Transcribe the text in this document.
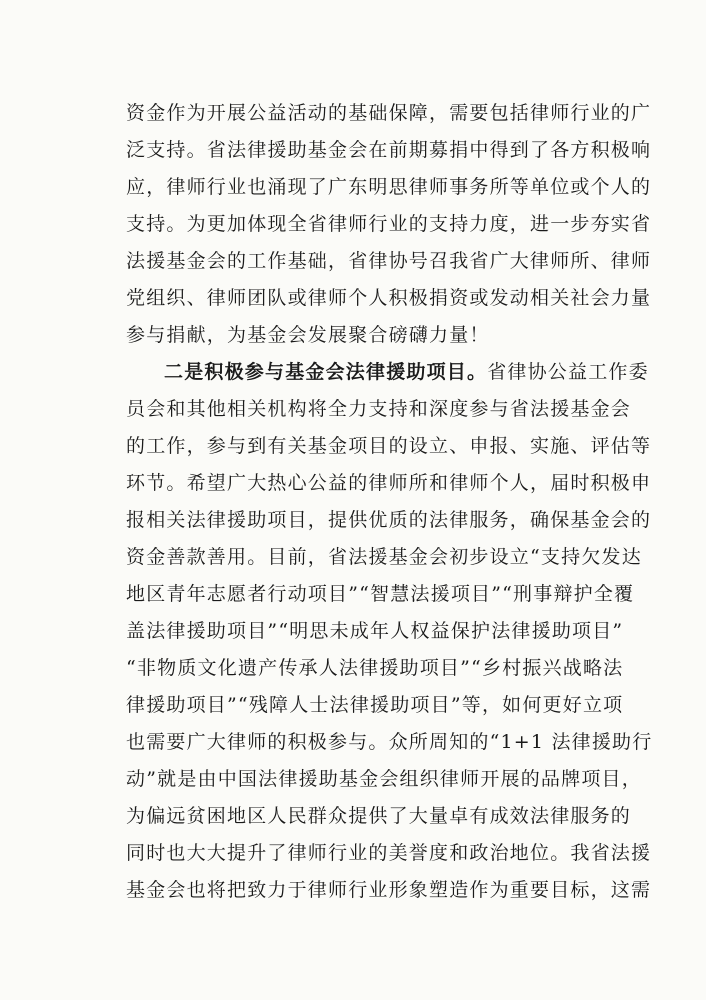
资金作为开展公益活动的基础保障，需要包括律师行业的广
泛支持。省法律援助基金会在前期募捐中得到了各方积极响
应，律师行业也涌现了广东明思律师事务所等单位或个人的
支持。为更加体现全省律师行业的支持力度，进一步夯实省
法援基金会的工作基础，省律协号召我省广大律师所、律师
党组织、律师团队或律师个人积极捐资或发动相关社会力量
参与捐献，为基金会发展聚合磅礴力量！
二是积极参与基金会法律援助项目。省律协公益工作委
员会和其他相关机构将全力支持和深度参与省法援基金会
的工作，参与到有关基金项目的设立、申报、实施、评估等
环节。希望广大热心公益的律师所和律师个人，届时积极申
报相关法律援助项目，提供优质的法律服务，确保基金会的
资金善款善用。目前，省法援基金会初步设立“支持欠发达
地区青年志愿者行动项目”“智慧法援项目”“刑事辩护全覆
盖法律援助项目”“明思未成年人权益保护法律援助项目”
“非物质文化遗产传承人法律援助项目”“乡村振兴战略法
律援助项目”“残障人士法律援助项目”等，如何更好立项
也需要广大律师的积极参与。众所周知的“1+1 法律援助行
动”就是由中国法律援助基金会组织律师开展的品牌项目，
为偏远贫困地区人民群众提供了大量卓有成效法律服务的
同时也大大提升了律师行业的美誉度和政治地位。我省法援
基金会也将把致力于律师行业形象塑造作为重要目标，这需
